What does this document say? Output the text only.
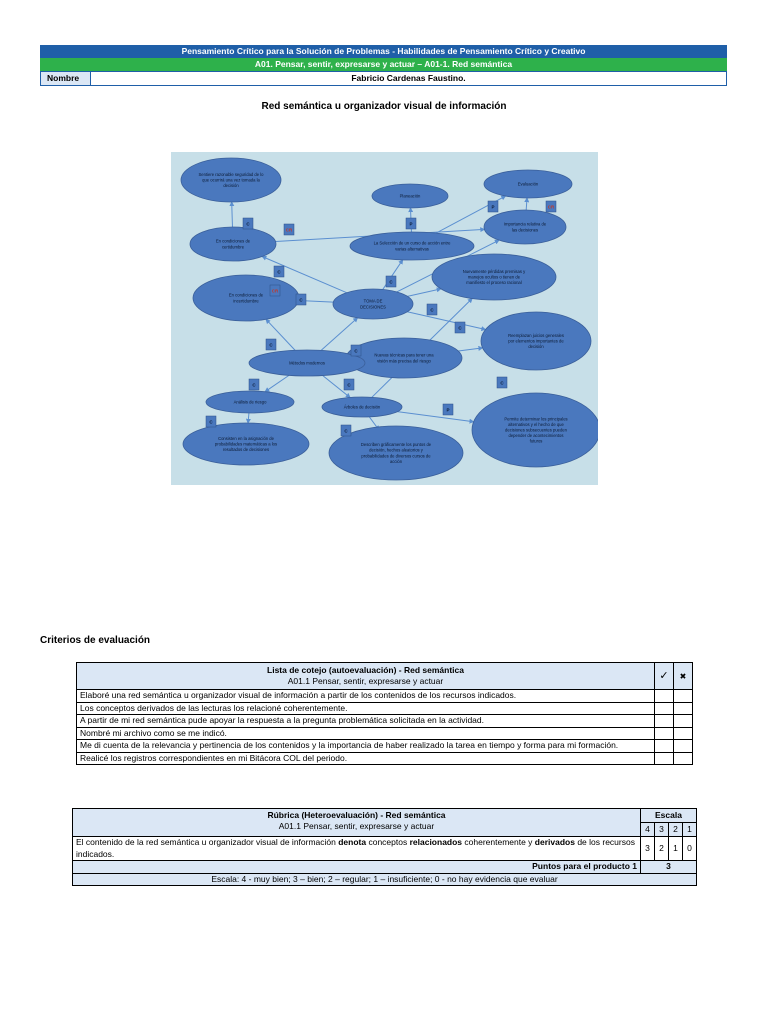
Pensamiento Crítico para la Solución de Problemas - Habilidades de Pensamiento Crítico y Creativo
A01. Pensar, sentir, expresarse y actuar – A01-1. Red semántica
Nombre	Fabricio Cardenas Faustino.
Red semántica u organizador visual de información
Sentiere razonable seguridad de lo que ocurrirá una vez tomada la decisión
Planeación
Evaluación
Importancia relativa de las decisiones
En condiciones de certidumbre
La Selección de un curso de acción entre varias alternativas
Nuevamente pérdidas premisas y manejos ocultos o tienen de manifiesto el proceso racional
En condiciones de incertidumbre	TOMA DE DECISIONES
Reemplazan juicios generales por elementos importantes de decisión
Nuevas técnicas para tener una visión más precisa del riesgo
Métodos modernos
Análisis de riesgo
Árboles de decisión
Consisten en la asignación de probabilidades matemáticas a los resultados de decisiones
Describen gráficamente los puntos de decisión, hechos aleatorios y probabilidades de diversos cursos de acción
Permite determinar los principales alternativos y el hecho de que decisiones subsecuentes pueden depender de acontecimientos futuros
C
CR
P
P
CR
C
C
CR
C
C
C
C
C
C	C
C
C
P
C
Criterios de evaluación
Lista de cotejo (autoevaluación) - Red semántica
A01.1 Pensar, sentir, expresarse y actuar	✓	✖
Elaboré una red semántica u organizador visual de información a partir de los contenidos de los recursos indicados.		
Los conceptos derivados de las lecturas los relacioné coherentemente.		
A partir de mi red semántica pude apoyar la respuesta a la pregunta problemática solicitada en la actividad.		
Nombré mi archivo como se me indicó.		
Me di cuenta de la relevancia y pertinencia de los contenidos y la importancia de haber realizado la tarea en tiempo y forma para mi formación.		
Realicé los registros correspondientes en mi Bitácora COL del periodo.		
Rúbrica (Heteroevaluación) - Red semántica
A01.1 Pensar, sentir, expresarse y actuar	Escala			
	4	3	2	1
El contenido de la red semántica u organizador visual de información denota conceptos relacionados coherentemente y derivados de los recursos indicados.	3	2	1	0
Puntos para el producto 1	3			
Escala: 4 - muy bien; 3 – bien; 2 – regular; 1 – insuficiente; 0 - no hay evidencia que evaluar				
